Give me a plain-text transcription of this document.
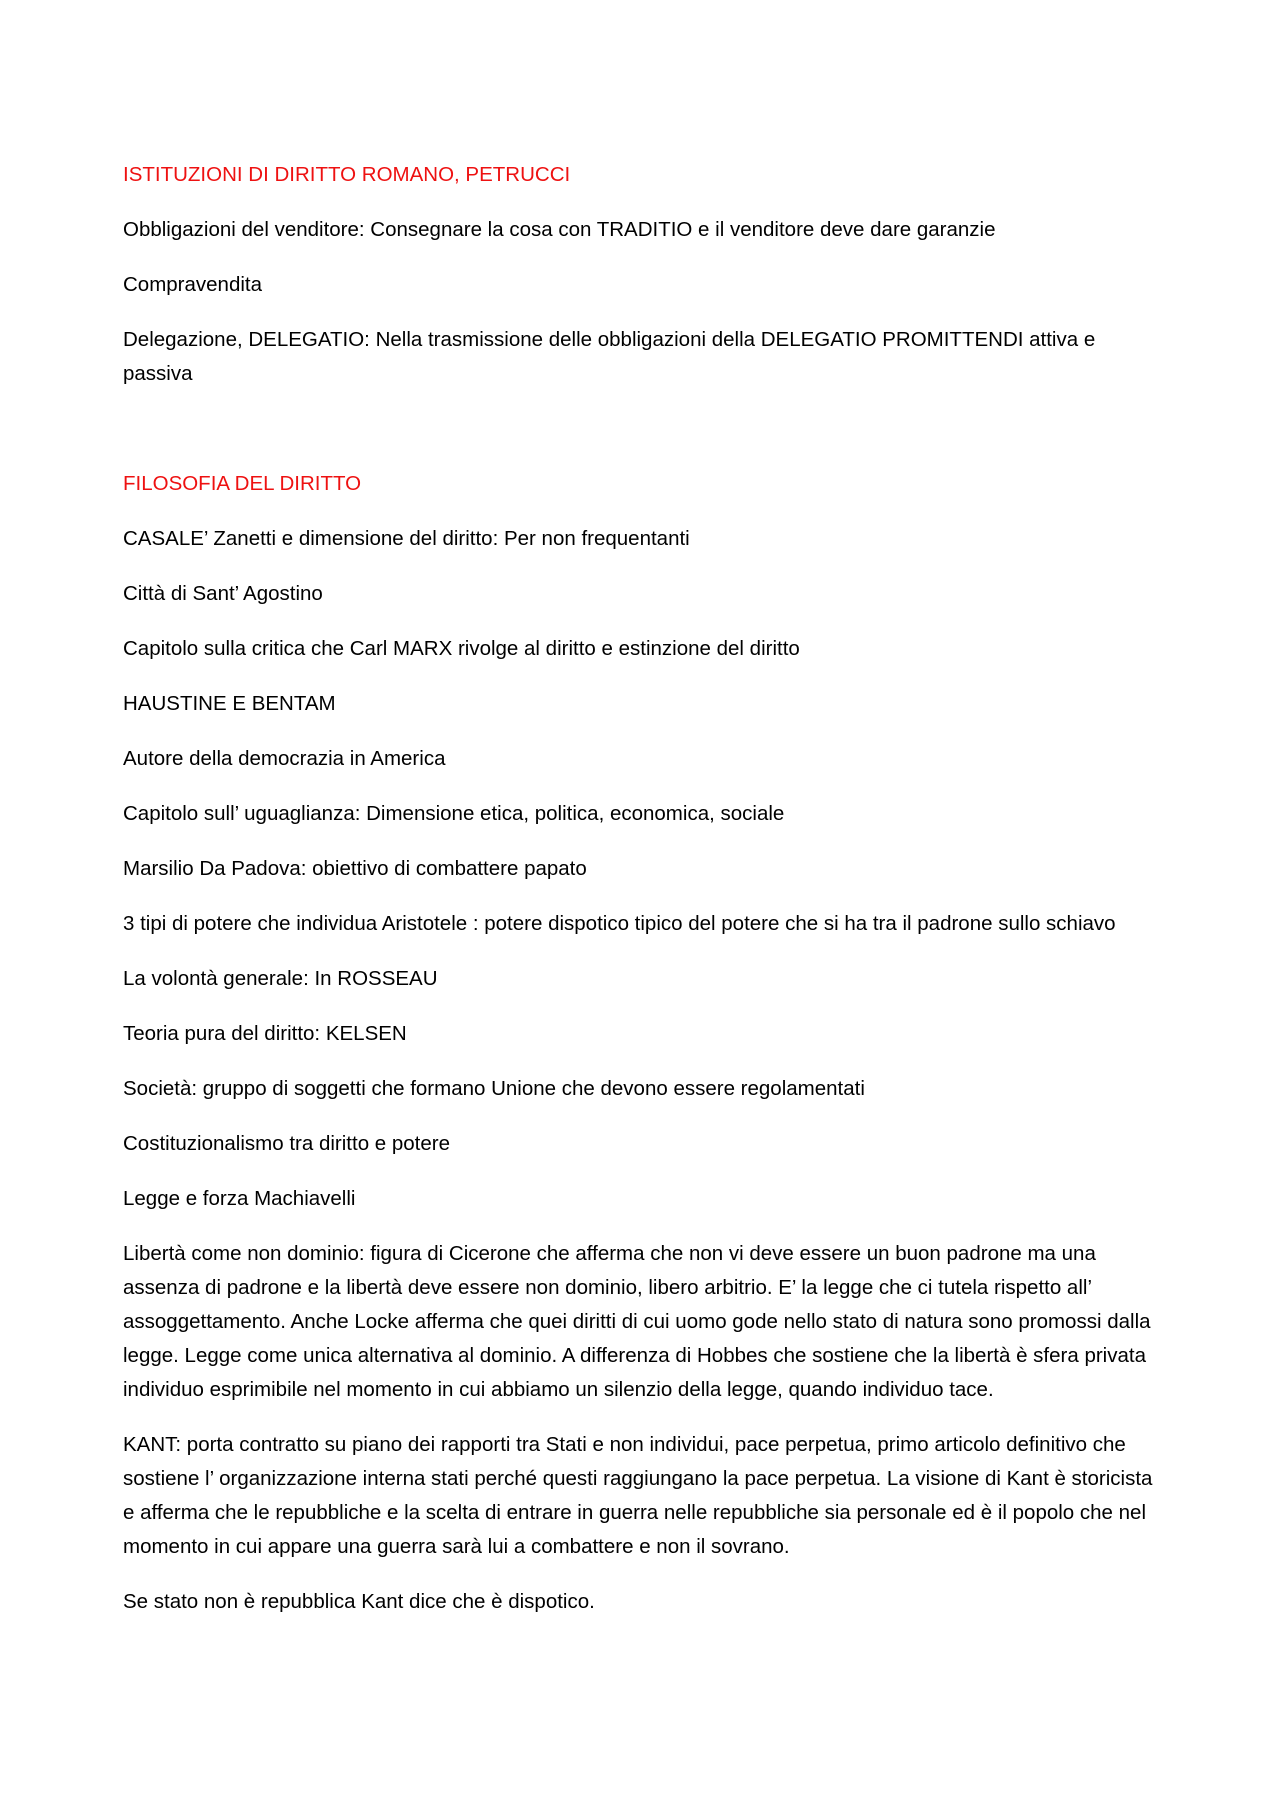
ISTITUZIONI DI DIRITTO ROMANO, PETRUCCI

Obbligazioni del venditore: Consegnare la cosa con TRADITIO e il venditore deve dare garanzie

Compravendita

Delegazione, DELEGATIO: Nella trasmissione delle obbligazioni della DELEGATIO PROMITTENDI attiva e passiva

FILOSOFIA DEL DIRITTO

CASALE’ Zanetti e dimensione del diritto: Per non frequentanti

Città di Sant’ Agostino

Capitolo sulla critica che Carl MARX rivolge al diritto e estinzione del diritto

HAUSTINE E BENTAM

Autore della democrazia in America

Capitolo sull’ uguaglianza: Dimensione etica, politica, economica, sociale

Marsilio Da Padova: obiettivo di combattere papato

3 tipi di potere che individua Aristotele : potere dispotico tipico del potere che si ha tra il padrone sullo schiavo

La volontà generale: In ROSSEAU

Teoria pura del diritto: KELSEN

Società: gruppo di soggetti che formano Unione che devono essere regolamentati

Costituzionalismo tra diritto e potere

Legge e forza Machiavelli

Libertà come non dominio: figura di Cicerone che afferma che non vi deve essere un buon padrone ma una assenza di padrone e la libertà deve essere non dominio, libero arbitrio. E’ la legge che ci tutela rispetto all’ assoggettamento. Anche Locke afferma che quei diritti di cui uomo gode nello stato di natura sono promossi dalla legge. Legge come unica alternativa al dominio. A differenza di Hobbes che sostiene che la libertà è sfera privata individuo esprimibile nel momento in cui abbiamo un silenzio della legge, quando individuo tace.

KANT: porta contratto su piano dei rapporti tra Stati e non individui, pace perpetua, primo articolo definitivo che sostiene l’ organizzazione interna stati perché questi raggiungano la pace perpetua. La visione di Kant è storicista e afferma che le repubbliche e la scelta di entrare in guerra nelle repubbliche sia personale ed è il popolo che nel momento in cui appare una guerra sarà lui a combattere e non il sovrano.

Se stato non è repubblica Kant dice che è dispotico.
